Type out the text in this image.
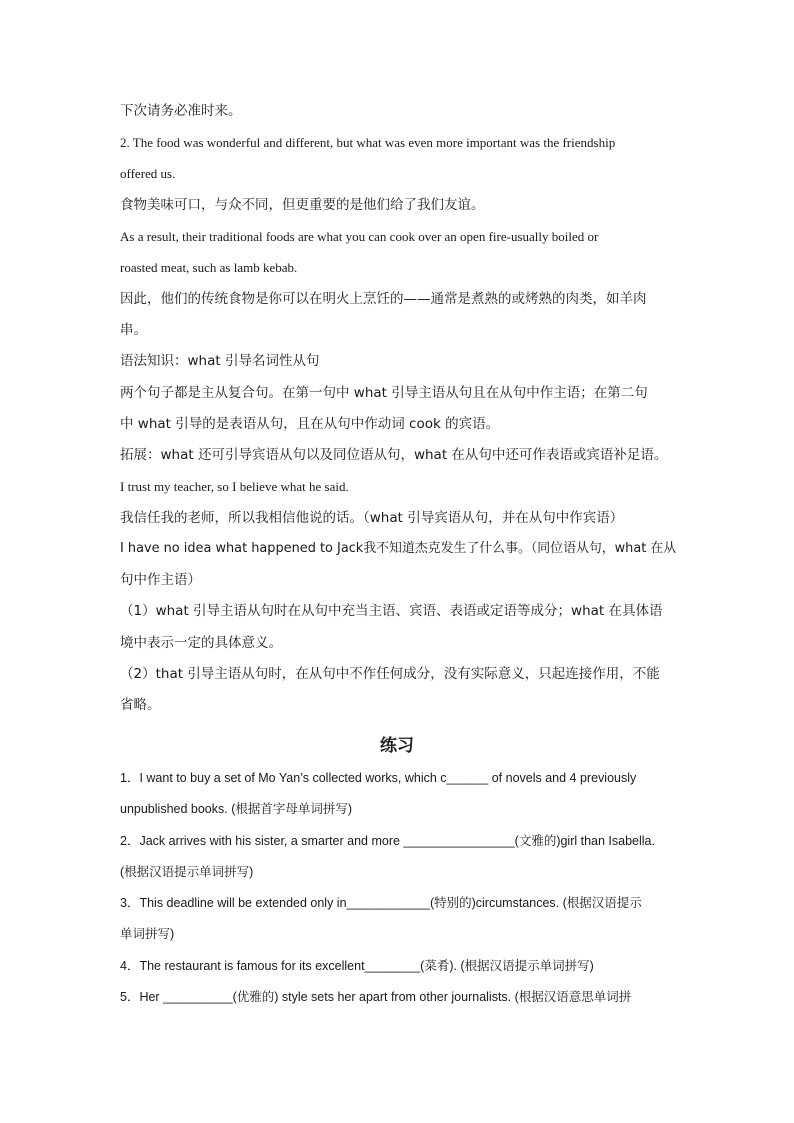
下次请务必准时来。
2. The food was wonderful and different, but what was even more important was the friendship
offered us.
食物美味可口，与众不同，但更重要的是他们给了我们友谊。
As a result, their traditional foods are what you can cook over an open fire-usually boiled or
roasted meat, such as lamb kebab.
因此，他们的传统食物是你可以在明火上烹饪的——通常是煮熟的或烤熟的肉类，如羊肉
串。
语法知识：what 引导名词性从句
两个句子都是主从复合句。在第一句中 what 引导主语从句且在从句中作主语；在第二句
中 what 引导的是表语从句，且在从句中作动词 cook 的宾语。
拓展：what 还可引导宾语从句以及同位语从句，what 在从句中还可作表语或宾语补足语。
I trust my teacher, so I believe what he said.
我信任我的老师，所以我相信他说的话。（what 引导宾语从句，并在从句中作宾语）
I have no idea what happened to Jack我不知道杰克发生了什么事。（同位语从句，what 在从
句中作主语）
（1）what 引导主语从句时在从句中充当主语、宾语、表语或定语等成分；what 在具体语
境中表示一定的具体意义。
（2）that 引导主语从句时，在从句中不作任何成分，没有实际意义，只起连接作用，不能
省略。
练习
1．I want to buy a set of Mo Yan’s collected works, which c______ of novels and 4 previously
unpublished books. (根据首字母单词拼写)
2．Jack arrives with his sister, a smarter and more ________________(文雅的)girl than Isabella.
(根据汉语提示单词拼写)
3．This deadline will be extended only in____________(特别的)circumstances. (根据汉语提示
单词拼写)
4．The restaurant is famous for its excellent________(菜肴). (根据汉语提示单词拼写)
5．Her __________(优雅的) style sets her apart from other journalists. (根据汉语意思单词拼
